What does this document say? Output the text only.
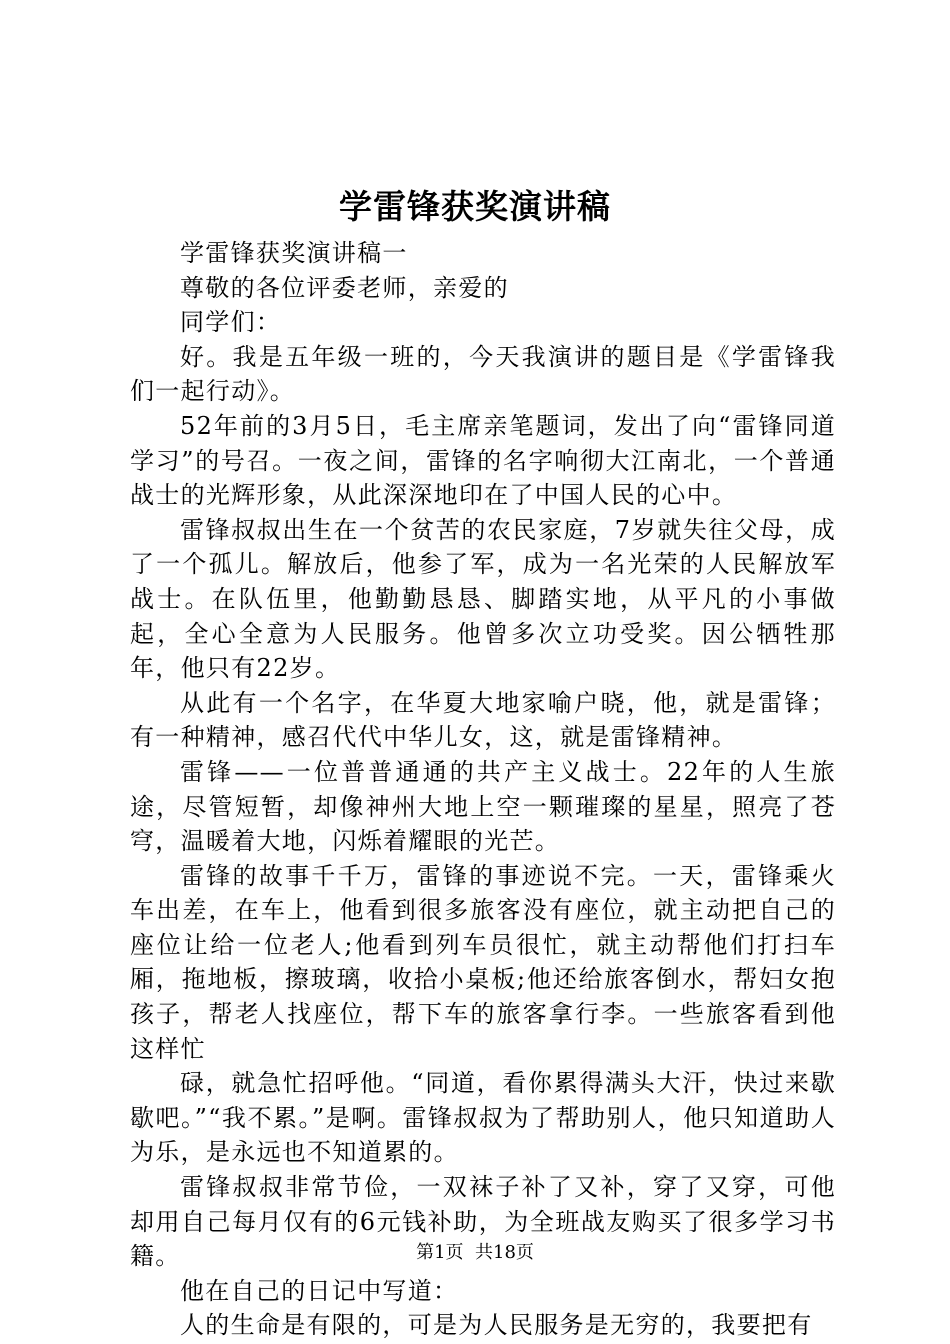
学雷锋获奖演讲稿

学雷锋获奖演讲稿一

尊敬的各位评委老师，亲爱的

同学们：

好。我是五年级一班的，今天我演讲的题目是《学雷锋我们一起行动》。

52年前的3月5日，毛主席亲笔题词，发出了向“雷锋同道学习”的号召。一夜之间，雷锋的名字响彻大江南北，一个普通战士的光辉形象，从此深深地印在了中国人民的心中。

雷锋叔叔出生在一个贫苦的农民家庭，7岁就失往父母，成了一个孤儿。解放后，他参了军，成为一名光荣的人民解放军战士。在队伍里，他勤勤恳恳、脚踏实地，从平凡的小事做起，全心全意为人民服务。他曾多次立功受奖。因公牺牲那年，他只有22岁。

从此有一个名字，在华夏大地家喻户晓，他，就是雷锋；有一种精神，感召代代中华儿女，这，就是雷锋精神。

雷锋——一位普普通通的共产主义战士。22年的人生旅途，尽管短暂，却像神州大地上空一颗璀璨的星星，照亮了苍穹，温暖着大地，闪烁着耀眼的光芒。

雷锋的故事千千万，雷锋的事迹说不完。一天，雷锋乘火车出差，在车上，他看到很多旅客没有座位，就主动把自己的座位让给一位老人;他看到列车员很忙，就主动帮他们打扫车厢，拖地板，擦玻璃，收拾小桌板;他还给旅客倒水，帮妇女抱孩子，帮老人找座位，帮下车的旅客拿行李。一些旅客看到他这样忙

碌，就急忙招呼他。“同道，看你累得满头大汗，快过来歇歇吧。”“我不累。”是啊。雷锋叔叔为了帮助别人，他只知道助人为乐，是永远也不知道累的。

雷锋叔叔非常节俭，一双袜子补了又补，穿了又穿，可他却用自己每月仅有的6元钱补助，为全班战友购买了很多学习书籍。

他在自己的日记中写道：

人的生命是有限的，可是为人民服务是无穷的，我要把有

第1页 共18页
